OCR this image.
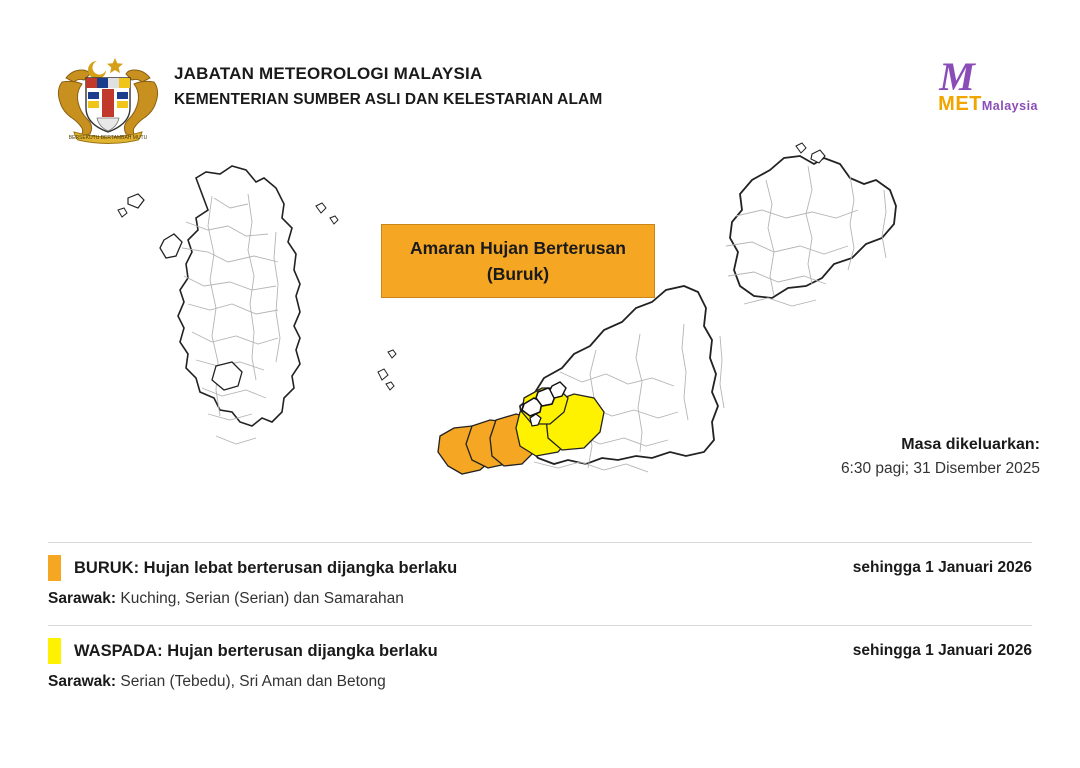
BERSEKUTU BERTAMBAH MUTU
JABATAN METEOROLOGI MALAYSIA
KEMENTERIAN SUMBER ASLI DAN KELESTARIAN ALAM
M
METMalaysia
Amaran Hujan Berterusan
(Buruk)
Masa dikeluarkan:
6:30 pagi; 31 Disember 2025
BURUK: Hujan lebat berterusan dijangka berlaku	sehingga 1 Januari 2026
Sarawak: Kuching, Serian (Serian) dan Samarahan
WASPADA: Hujan berterusan dijangka berlaku	sehingga 1 Januari 2026
Sarawak: Serian (Tebedu), Sri Aman dan Betong
